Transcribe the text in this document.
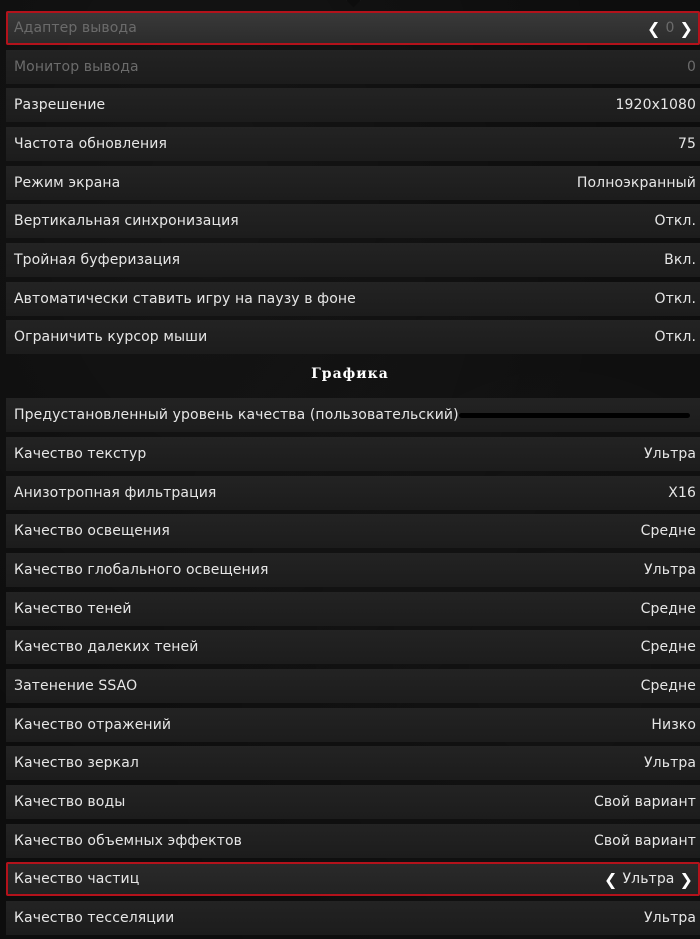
Адаптер вывода	❮ 0 ❯
Монитор вывода	0
Разрешение	1920x1080
Частота обновления	75
Режим экрана	Полноэкранный
Вертикальная синхронизация	Откл.
Тройная буферизация	Вкл.
Автоматически ставить игру на паузу в фоне	Откл.
Ограничить курсор мыши	Откл.
Графика
Предустановленный уровень качества (пользовательский)
Качество текстур	Ультра
Анизотропная фильтрация	X16
Качество освещения	Средне
Качество глобального освещения	Ультра
Качество теней	Средне
Качество далеких теней	Средне
Затенение SSAO	Средне
Качество отражений	Низко
Качество зеркал	Ультра
Качество воды	Свой вариант
Качество объемных эффектов	Свой вариант
Качество частиц	❮ Ультра ❯
Качество тесселяции	Ультра
